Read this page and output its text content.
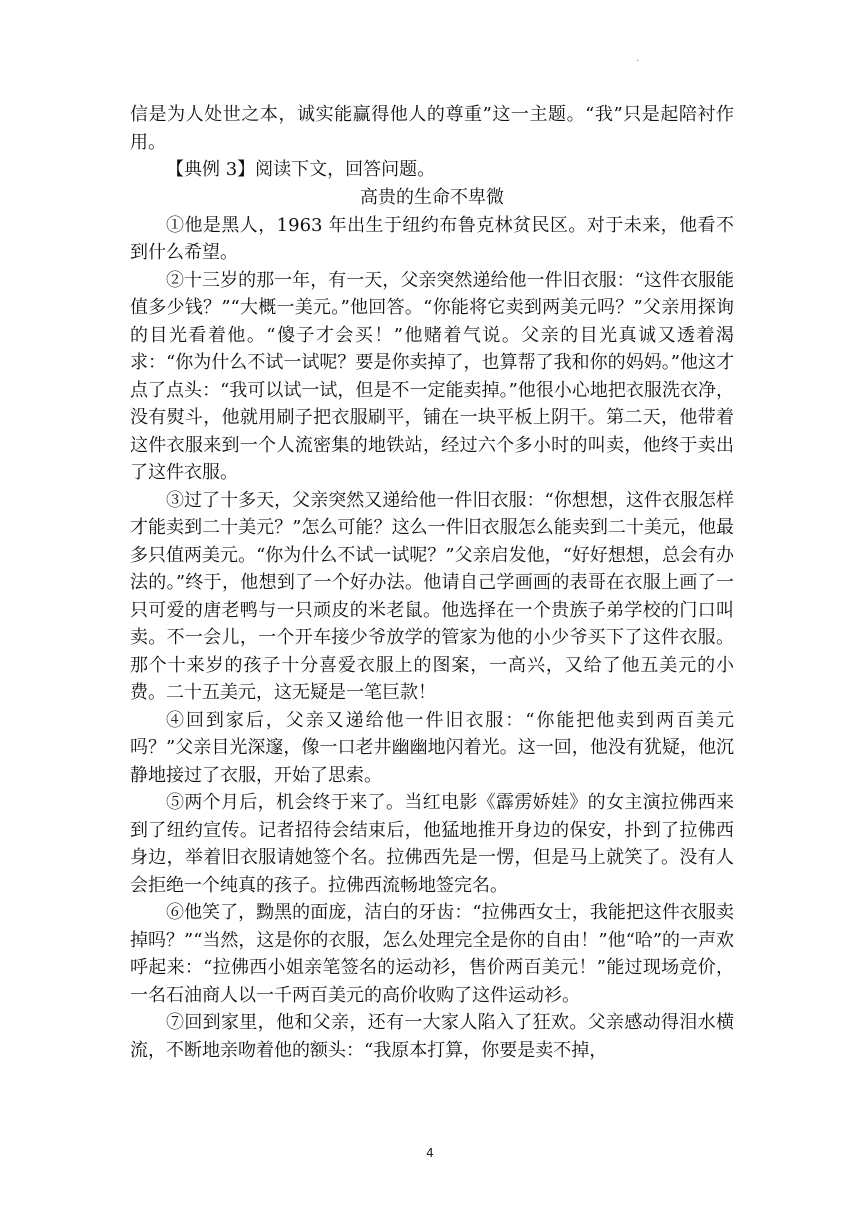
·

信是为人处世之本，诚实能赢得他人的尊重”这一主题。“我”只是起陪衬作用。

【典例 3】阅读下文，回答问题。

高贵的生命不卑微

①他是黑人，1963 年出生于纽约布鲁克林贫民区。对于未来，他看不到什么希望。

②十三岁的那一年，有一天，父亲突然递给他一件旧衣服：“这件衣服能值多少钱？”“大概一美元。”他回答。“你能将它卖到两美元吗？”父亲用探询的目光看着他。“傻子才会买！”他赌着气说。父亲的目光真诚又透着渴求：“你为什么不试一试呢？要是你卖掉了，也算帮了我和你的妈妈。”他这才点了点头：“我可以试一试，但是不一定能卖掉。”他很小心地把衣服洗衣净，没有熨斗，他就用刷子把衣服刷平，铺在一块平板上阴干。第二天，他带着这件衣服来到一个人流密集的地铁站，经过六个多小时的叫卖，他终于卖出了这件衣服。

③过了十多天，父亲突然又递给他一件旧衣服：“你想想，这件衣服怎样才能卖到二十美元？”怎么可能？这么一件旧衣服怎么能卖到二十美元，他最多只值两美元。“你为什么不试一试呢？”父亲启发他，“好好想想，总会有办法的。”终于，他想到了一个好办法。他请自己学画画的表哥在衣服上画了一只可爱的唐老鸭与一只顽皮的米老鼠。他选择在一个贵族子弟学校的门口叫卖。不一会儿，一个开车接少爷放学的管家为他的小少爷买下了这件衣服。那个十来岁的孩子十分喜爱衣服上的图案，一高兴，又给了他五美元的小费。二十五美元，这无疑是一笔巨款！

④回到家后，父亲又递给他一件旧衣服：“你能把他卖到两百美元吗？”父亲目光深邃，像一口老井幽幽地闪着光。这一回，他没有犹疑，他沉静地接过了衣服，开始了思索。

⑤两个月后，机会终于来了。当红电影《霹雳娇娃》的女主演拉佛西来到了纽约宣传。记者招待会结束后，他猛地推开身边的保安，扑到了拉佛西身边，举着旧衣服请她签个名。拉佛西先是一愣，但是马上就笑了。没有人会拒绝一个纯真的孩子。拉佛西流畅地签完名。

⑥他笑了，黝黑的面庞，洁白的牙齿：“拉佛西女士，我能把这件衣服卖掉吗？”“当然，这是你的衣服，怎么处理完全是你的自由！”他“哈”的一声欢呼起来：“拉佛西小姐亲笔签名的运动衫，售价两百美元！”能过现场竞价，一名石油商人以一千两百美元的高价收购了这件运动衫。

⑦回到家里，他和父亲，还有一大家人陷入了狂欢。父亲感动得泪水横流，不断地亲吻着他的额头：“我原本打算，你要是卖不掉，

4
